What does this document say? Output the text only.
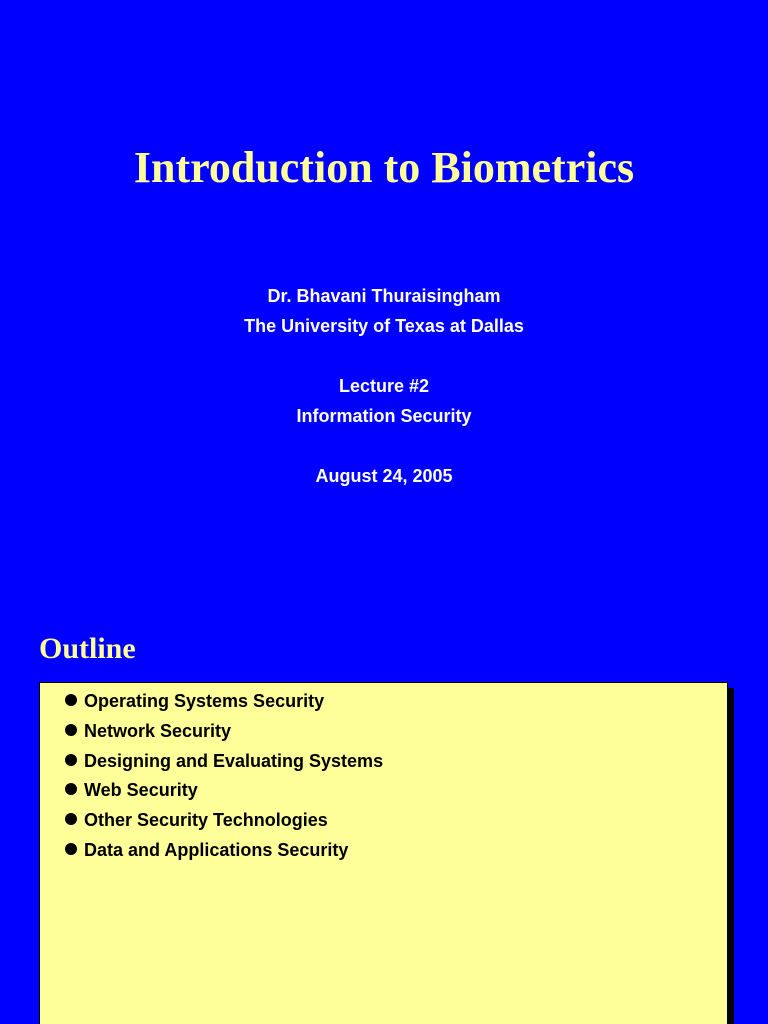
Introduction to Biometrics
Dr. Bhavani Thuraisingham
The University of Texas at Dallas
Lecture #2
Information Security
August 24, 2005
Outline
Operating Systems Security
Network Security
Designing and Evaluating Systems
Web Security
Other Security Technologies
Data and Applications Security
